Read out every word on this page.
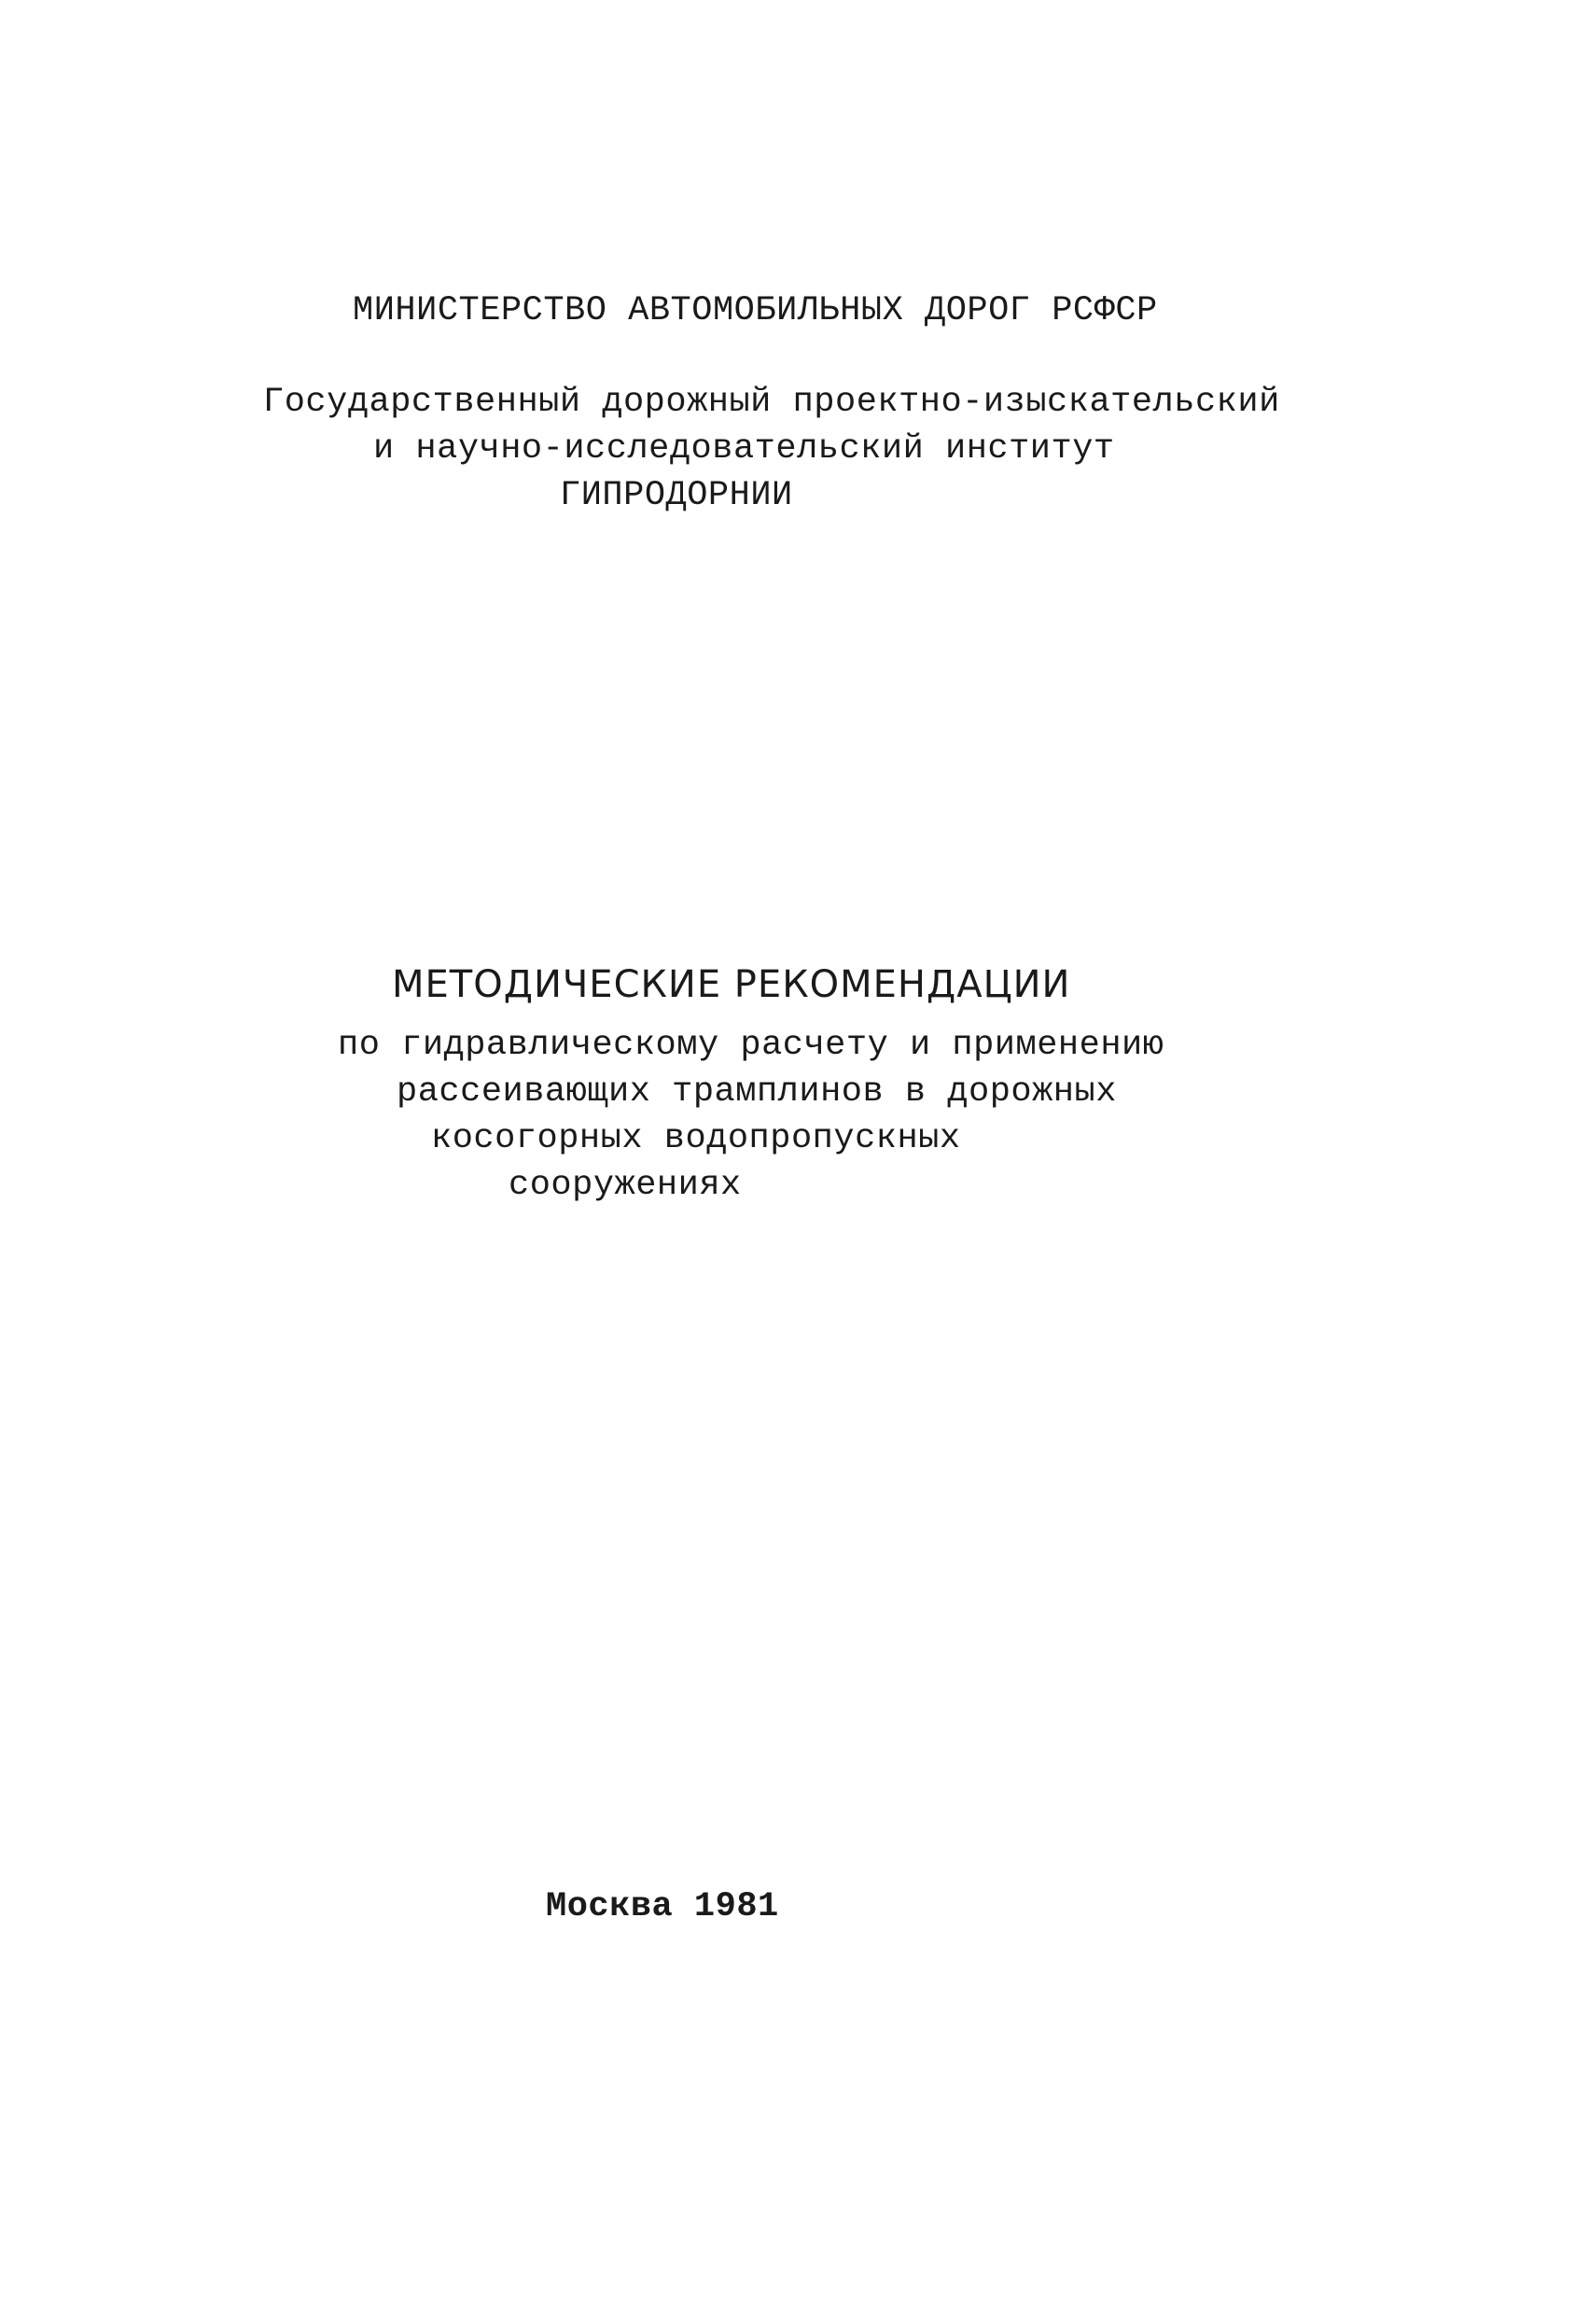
МИНИСТЕРСТВО АВТОМОБИЛЬНЫХ ДОРОГ РСФСР

Государственный дорожный проектно-изыскательский

и научно-исследовательский институт

ГИПРОДОРНИИ

МЕТОДИЧЕСКИЕ РЕКОМЕНДАЦИИ

по гидравлическому расчету и применению

рассеивающих трамплинов в дорожных

косогорных водопропускных

сооружениях

Москва 1981
